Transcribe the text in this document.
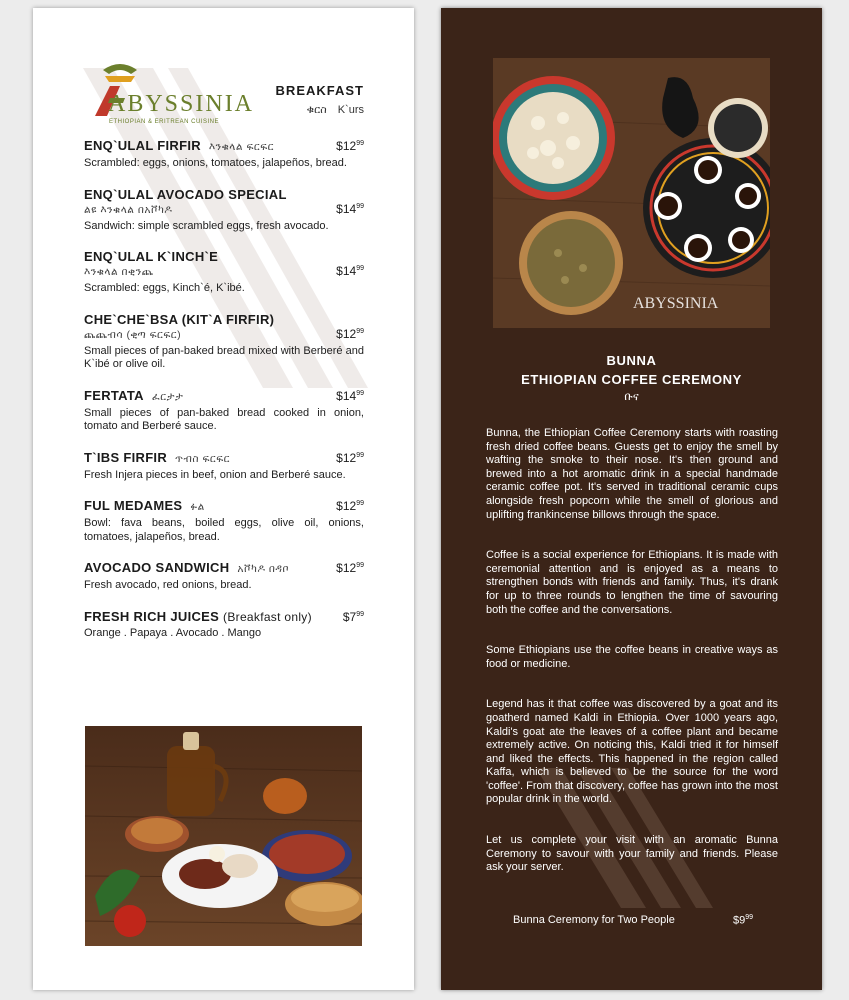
ABYSSINIA
ETHIOPIAN & ERITREAN CUISINE
BREAKFAST
ቁርስ K`urs
ENQ`ULAL FIRFIR እንቁላል ፍርፍር	$\$12^{99}$
Scrambled: eggs, onions, tomatoes, jalapeños, bread.
ENQ`ULAL AVOCADO SPECIAL
ልዩ እንቁላል በአቮካዶ	$\$14^{99}$
Sandwich: simple scrambled eggs, fresh avocado.
ENQ`ULAL K`INCH`E
እንቁላል በቂንጨ	$\$14^{99}$
Scrambled: eggs, Kinch`é, K`ibé.
CHE`CHE`BSA (KIT`A FIRFIR)
ጨጨብሳ (ቂጣ ፍርፍር)	$\$12^{99}$
Small pieces of pan-baked bread mixed with Berberé and K`ibé or olive oil.
FERTATA ፈርታታ	$\$14^{99}$
Small pieces of pan-baked bread cooked in onion, tomato and Berberé sauce.
T`IBS FIRFIR ጥብስ ፍርፍር	$\$12^{99}$
Fresh Injera pieces in beef, onion and Berberé sauce.
FUL MEDAMES ፉል	$\$12^{99}$
Bowl: fava beans, boiled eggs, olive oil, onions, tomatoes, jalapeños, bread.
AVOCADO SANDWICH አቮካዶ በዳቦ	$\$12^{99}$
Fresh avocado, red onions, bread.
FRESH RICH JUICES (Breakfast only)	$\$7^{99}$
Orange . Papaya . Avocado . Mango
ABYSSINIA
BUNNA
ETHIOPIAN COFFEE CEREMONY
ቡና

Bunna, the Ethiopian Coffee Ceremony starts with roasting fresh dried coffee beans. Guests get to enjoy the smell by wafting the smoke to their nose. It's then ground and brewed into a hot aromatic drink in a special handmade ceramic coffee pot. It's served in traditional ceramic cups alongside fresh popcorn while the smell of glorious and uplifting frankincense billows through the space.

Coffee is a social experience for Ethiopians. It is made with ceremonial attention and is enjoyed as a means to strengthen bonds with friends and family. Thus, it's drank for up to three rounds to lengthen the time of savouring both the coffee and the conversations.

Some Ethiopians use the coffee beans in creative ways as food or medicine.

Legend has it that coffee was discovered by a goat and its goatherd named Kaldi in Ethiopia. Over 1000 years ago, Kaldi's goat ate the leaves of a coffee plant and became extremely active. On noticing this, Kaldi tried it for himself and liked the effects. This happened in the region called Kaffa, which is believed to be the source for the word 'coffee'. From that discovery, coffee has grown into the most popular drink in the world.

Let us complete your visit with an aromatic Bunna Ceremony to savour with your family and friends. Please ask your server.

Bunna Ceremony for Two People	$\$9^{99}$
